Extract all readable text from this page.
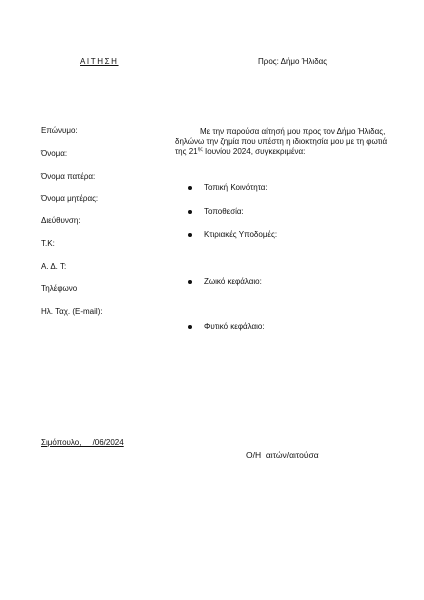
ΑΙΤΗΣΗ	Προς: Δήμο Ήλιδας
Επώνυμο:
Όνομα:
Όνομα πατέρα:
Όνομα μητέρας:
Διεύθυνση:
Τ.Κ:
Α. Δ. Τ:
Τηλέφωνο
Ηλ. Ταχ. (E-mail):
Με την παρούσα αίτησή μου προς τον Δήμο Ήλιδας, δηλώνω την ζημία που υπέστη η ιδιοκτησία μου με τη φωτιά της $21^{\eta\varsigma}$ Ιουνίου 2024, συγκεκριμένα:
Τοπική Κοινότητα:
Τοποθεσία:
Κτιριακές Υποδομές:
Ζωικό κεφάλαιο:
Φυτικό κεφάλαιο:
Σιμόπουλο,     /06/2024
Ο/Η  αιτών/αιτούσα
